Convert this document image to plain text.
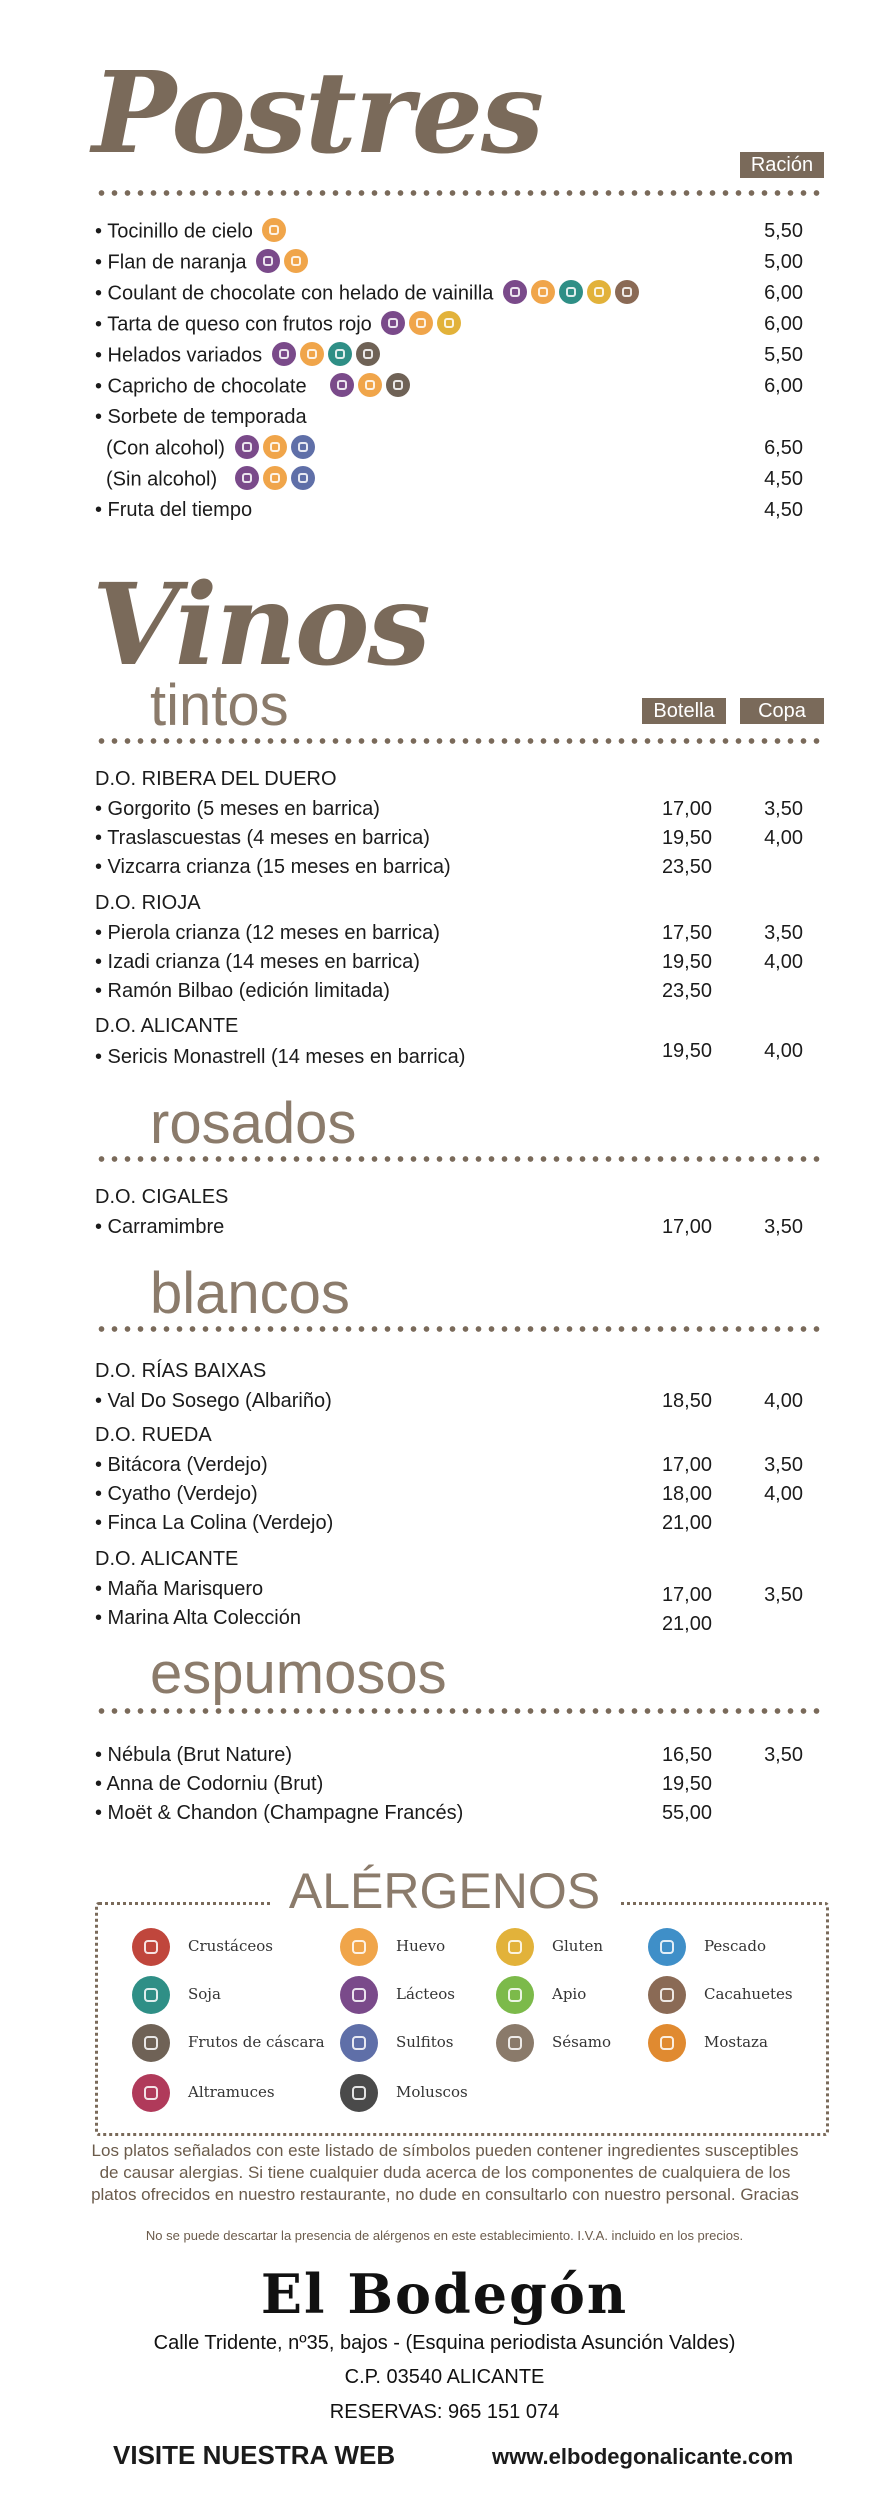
Postres	Ración
• Tocinillo de cielo	5,50
• Flan de naranja	5,00
• Coulant de chocolate con helado de vainilla	6,00
• Tarta de queso con frutos rojo	6,00
• Helados variados	5,50
• Capricho de chocolate	6,00
• Sorbete de temporada
(Con alcohol)	6,50
(Sin alcohol)	4,50
• Fruta del tiempo	4,50
Vinos
tintos	Botella	Copa
D.O. RIBERA DEL DUERO
• Gorgorito (5 meses en barrica)	17,00	3,50
• Traslascuestas (4 meses en barrica)	19,50	4,00
• Vizcarra crianza (15 meses en barrica)	23,50
D.O. RIOJA
• Pierola crianza (12 meses en barrica)	17,50	3,50
• Izadi crianza (14 meses en barrica)	19,50	4,00
• Ramón Bilbao (edición limitada)	23,50
D.O. ALICANTE
• Sericis Monastrell (14 meses en barrica)	19,50	4,00
rosados
D.O. CIGALES
• Carramimbre	17,00	3,50
blancos
D.O. RÍAS BAIXAS
• Val Do Sosego (Albariño)	18,50	4,00
D.O. RUEDA
• Bitácora (Verdejo)	17,00	3,50
• Cyatho (Verdejo)	18,00	4,00
• Finca La Colina (Verdejo)	21,00
D.O. ALICANTE
• Maña Marisquero	17,00	3,50
• Marina Alta Colección	21,00
espumosos
• Nébula (Brut Nature)	16,50	3,50
• Anna de Codorniu (Brut)	19,50
• Moët & Chandon (Champagne Francés)	55,00
ALÉRGENOS
Crustáceos	Huevo	Gluten	Pescado
Soja	Lácteos	Apio	Cacahuetes
Frutos de cáscara	Sulfitos	Sésamo	Mostaza
Altramuces	Moluscos
Los platos señalados con este listado de símbolos pueden contener ingredientes susceptibles
de causar alergias. Si tiene cualquier duda acerca de los componentes de cualquiera de los
platos ofrecidos en nuestro restaurante, no dude en consultarlo con nuestro personal. Gracias
No se puede descartar la presencia de alérgenos en este establecimiento. I.V.A. incluido en los precios.
El Bodegón
Calle Tridente, nº35, bajos - (Esquina periodista Asunción Valdes)
C.P. 03540 ALICANTE
RESERVAS: 965 151 074
VISITE NUESTRA WEB	www.elbodegonalicante.com
